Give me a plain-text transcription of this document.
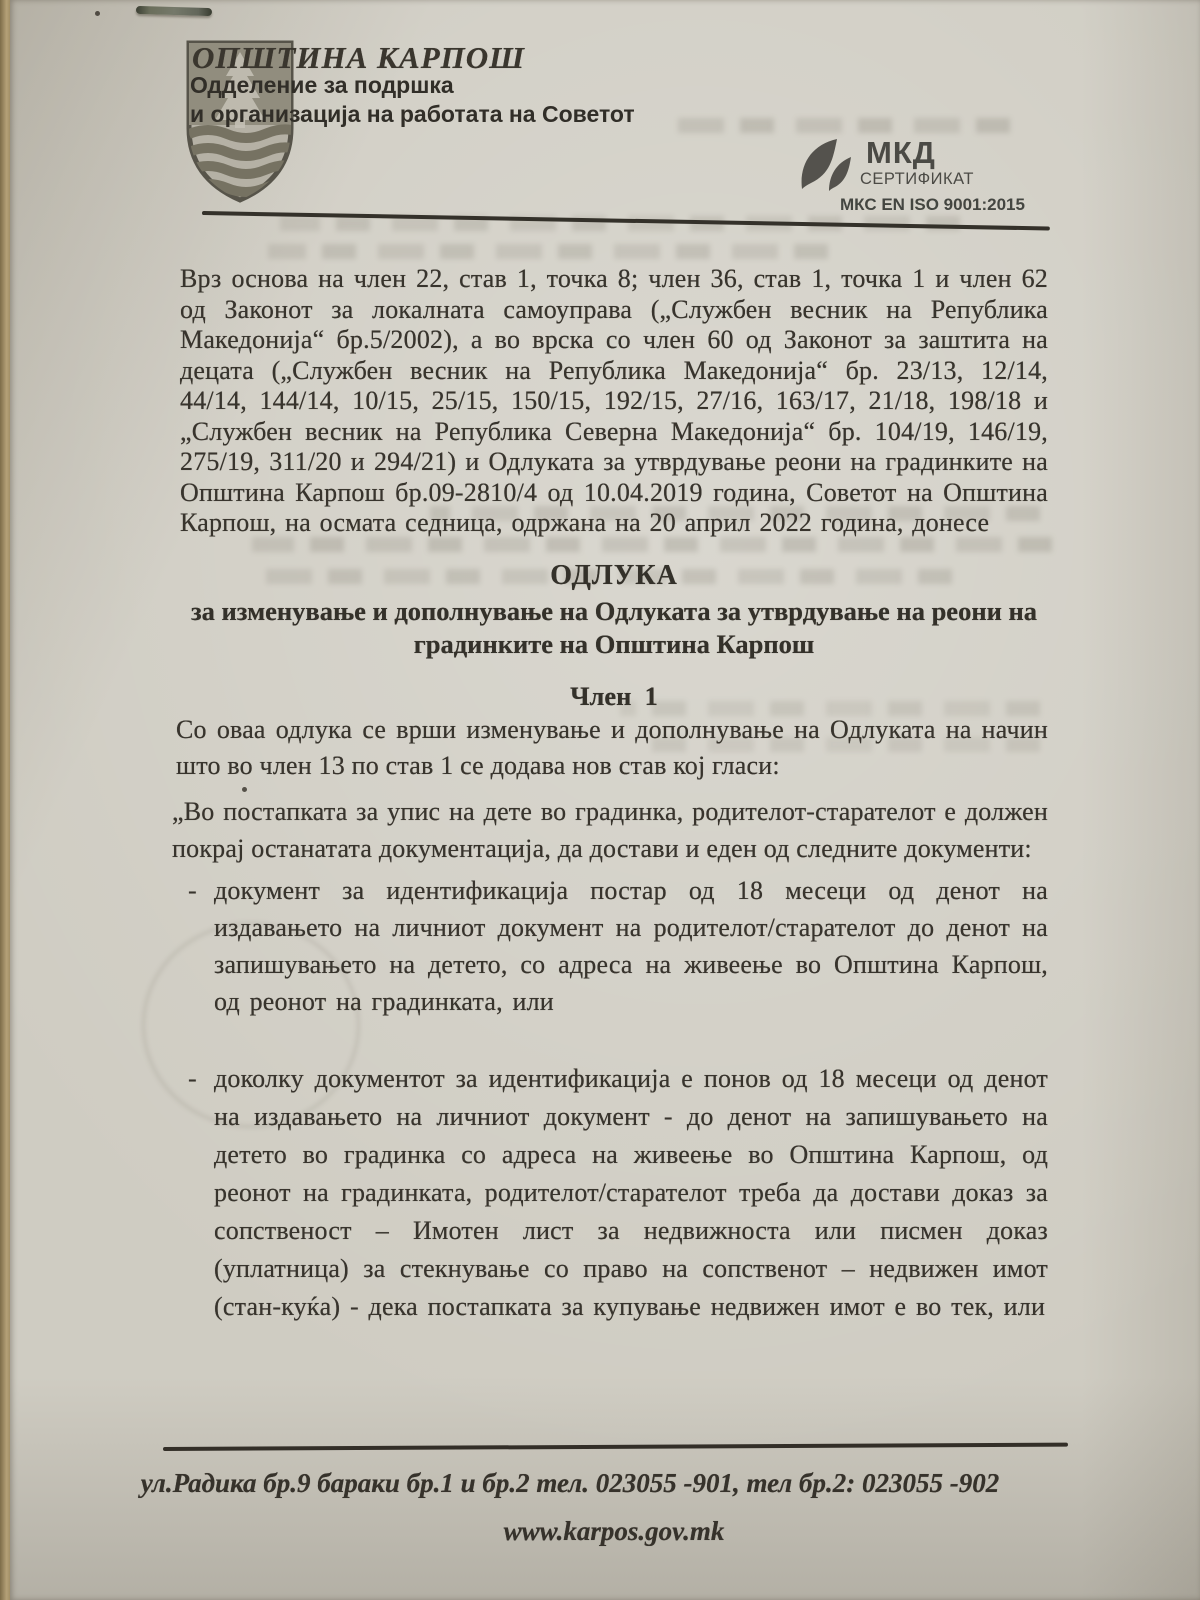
ОПШТИНА КАРПОШ
Одделение за подршка
и организација на работата на Советот
МКД
СЕРТИФИКАТ
МКС EN ISO 9001:2015
Врз основа на член 22, став 1, точка 8; член 36, став 1, точка 1 и член 62 од Законот за локалната самоуправа („Службен весник на Република Македонија“ бр.5/2002), а во врска со член 60 од Законот за заштита на децата („Службен весник на Република Македонија“ бр. 23/13, 12/14, 44/14, 144/14, 10/15, 25/15, 150/15, 192/15, 27/16, 163/17, 21/18, 198/18 и „Службен весник на Република Северна Македонија“ бр. 104/19, 146/19, 275/19, 311/20 и 294/21) и Одлуката за утврдување реони на градинките на Општина Карпош бр.09-2810/4 од 10.04.2019 година, Советот на Општина Карпош, на осмата седница, одржана на 20 април 2022 година, донесе
ОДЛУКА
за изменување и дополнување на Одлуката за утврдување на реони на градинките на Општина Карпош
Член  1
Со оваа одлука се врши изменување и дополнување на Одлуката на начин што во член 13 по став 1 се додава нов став кој гласи:
„Во постапката за упис на дете во градинка, родителот-старателот е должен покрај останатата документација, да достави и еден од следните документи:
- документ за идентификација постар од 18 месеци од денот на издавањето на личниот документ на родителот/старателот до денот на запишувањето на детето, со адреса на живеење во Општина Карпош, од реонот на градинката, или
- доколку документот за идентификација е понов од 18 месеци од денот на издавањето на личниот документ - до денот на запишувањето на детето во градинка со адреса на живеење во Општина Карпош, од реонот на градинката, родителот/старателот треба да достави доказ за сопственост – Имотен лист за недвижноста или писмен доказ (уплатница) за стекнување со право на сопственот – недвижен имот (стан-куќа) - дека постапката за купување недвижен имот е во тек, или
ул.Радика бр.9 бараки бр.1 и бр.2 тел. 023055 -901, тел бр.2: 023055 -902
www.karpos.gov.mk
